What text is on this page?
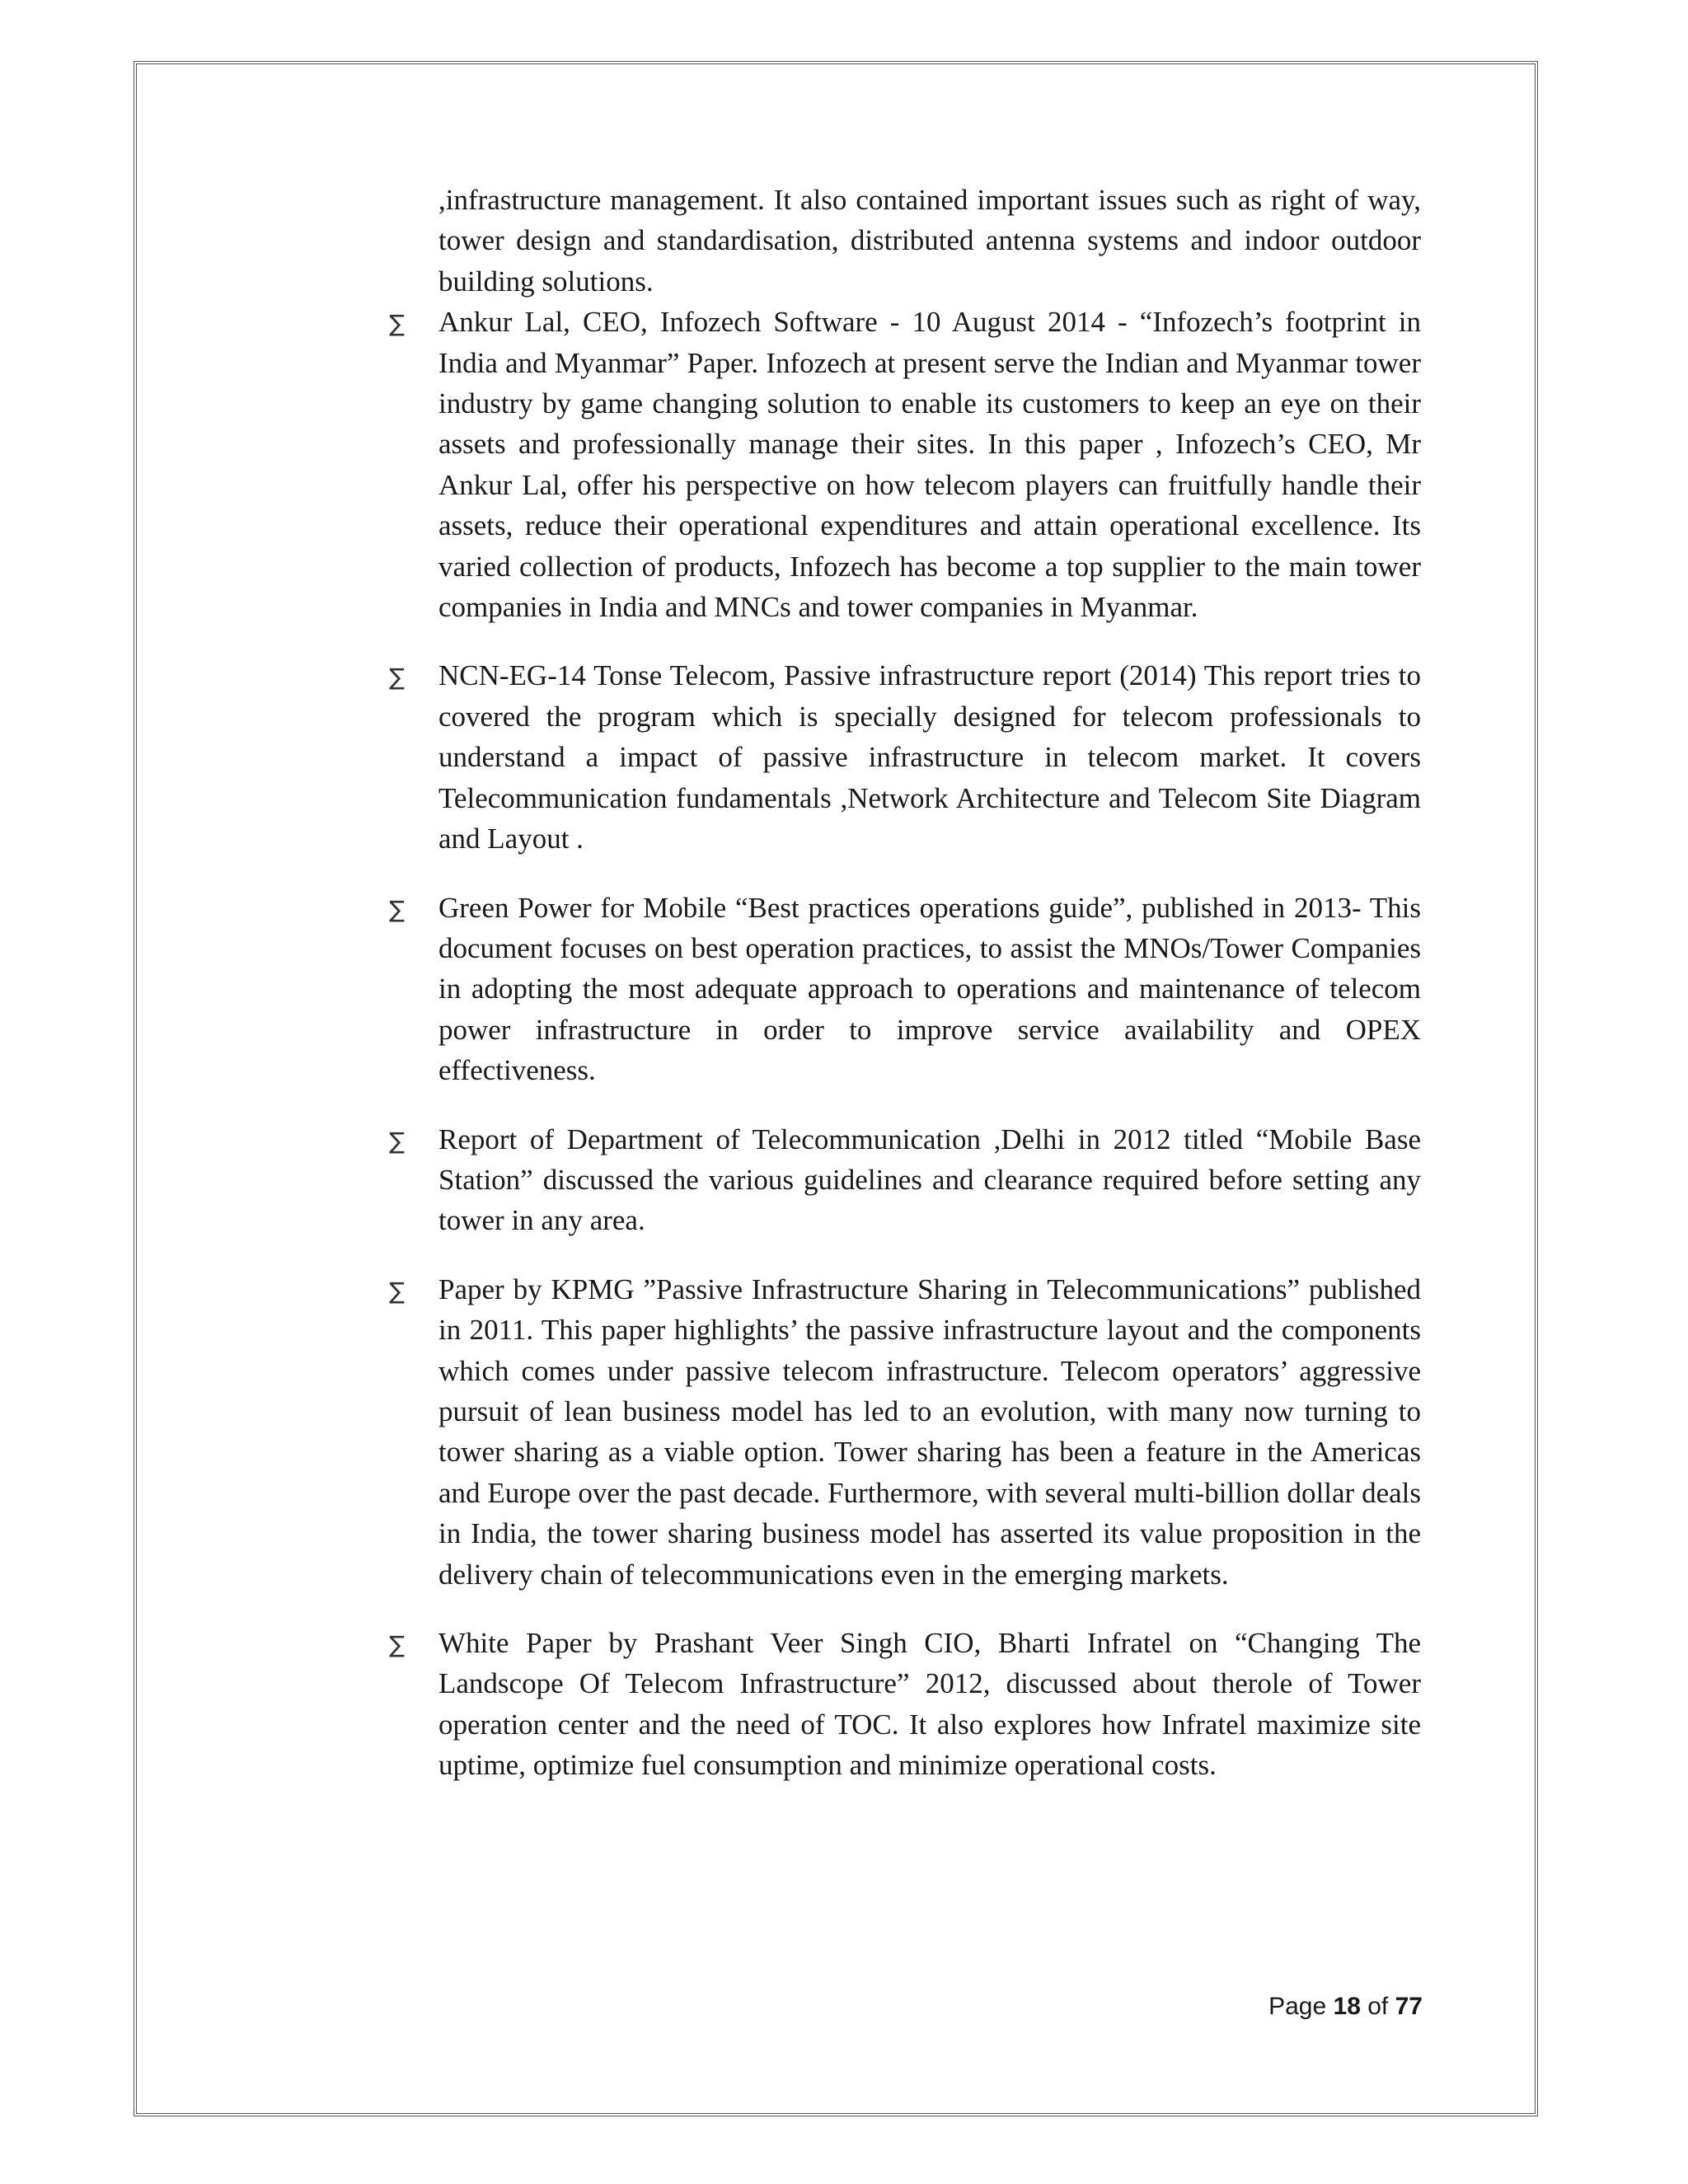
,infrastructure management. It also contained important issues such as right of way, tower design and standardisation, distributed antenna systems and indoor outdoor building solutions.

∑ Ankur Lal, CEO, Infozech Software - 10 August 2014 - “Infozech’s footprint in India and Myanmar” Paper. Infozech at present serve the Indian and Myanmar tower industry by game changing solution to enable its customers to keep an eye on their assets and professionally manage their sites. In this paper , Infozech’s CEO, Mr Ankur Lal, offer his perspective on how telecom players can fruitfully handle their assets, reduce their operational expenditures and attain operational excellence. Its varied collection of products, Infozech has become a top supplier to the main tower companies in India and MNCs and tower companies in Myanmar.

∑ NCN-EG-14 Tonse Telecom, Passive infrastructure report (2014) This report tries to covered the program which is specially designed for telecom professionals to understand a impact of passive infrastructure in telecom market. It covers Telecommunication fundamentals ,Network Architecture and Telecom Site Diagram and Layout .

∑ Green Power for Mobile “Best practices operations guide”, published in 2013- This document focuses on best operation practices, to assist the MNOs/Tower Companies in adopting the most adequate approach to operations and maintenance of telecom power infrastructure in order to improve service availability and OPEX effectiveness.

∑ Report of Department of Telecommunication ,Delhi in 2012 titled “Mobile Base Station” discussed the various guidelines and clearance required before setting any tower in any area.

∑ Paper by KPMG ”Passive Infrastructure Sharing in Telecommunications” published in 2011. This paper highlights’ the passive infrastructure layout and the components which comes under passive telecom infrastructure. Telecom operators’ aggressive pursuit of lean business model has led to an evolution, with many now turning to tower sharing as a viable option. Tower sharing has been a feature in the Americas and Europe over the past decade. Furthermore, with several multi-billion dollar deals in India, the tower sharing business model has asserted its value proposition in the delivery chain of telecommunications even in the emerging markets.

∑ White Paper by Prashant Veer Singh CIO, Bharti Infratel on “Changing The Landscope Of Telecom Infrastructure” 2012, discussed about therole of Tower operation center and the need of TOC. It also explores how Infratel maximize site uptime, optimize fuel consumption and minimize operational costs.

Page 18 of 77
